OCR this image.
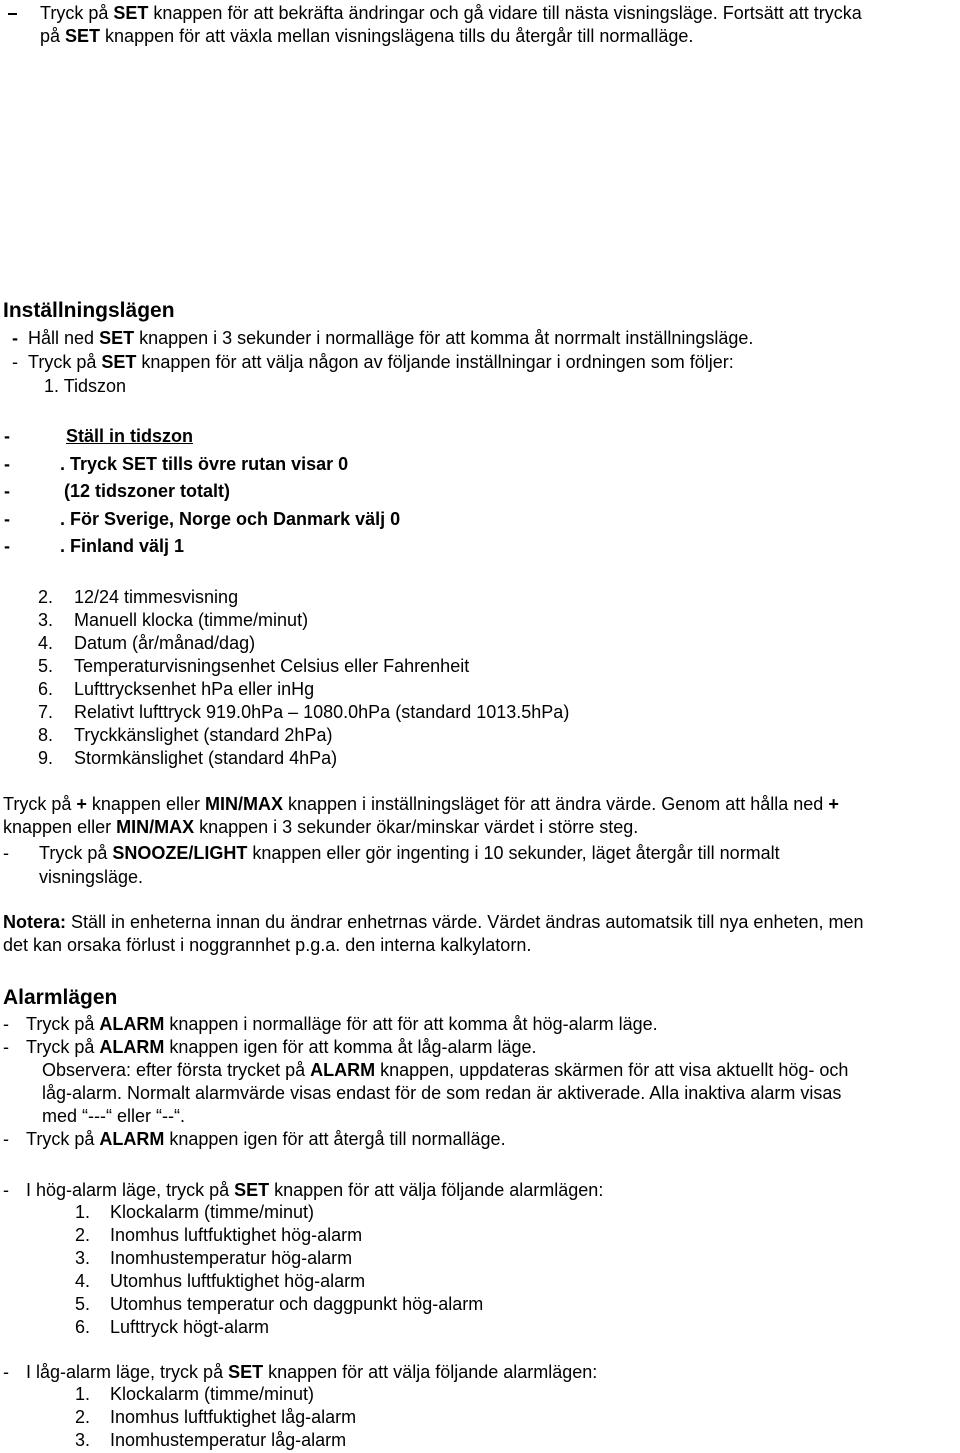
Tryck på SET knappen för att bekräfta ändringar och gå vidare till nästa visningsläge. Fortsätt att trycka
på SET knappen för att växla mellan visningslägena tills du återgår till normalläge.
Inställningslägen
- Håll ned SET knappen i 3 sekunder i normalläge för att komma åt norrmalt inställningsläge.
- Tryck på SET knappen för att välja någon av följande inställningar i ordningen som följer:
1. Tidszon
-	Ställ in tidszon
-	. Tryck SET tills övre rutan visar 0
-	(12 tidszoner totalt)
-	. För Sverige, Norge och Danmark välj 0
-	. Finland välj 1
2. 12/24 timmesvisning
3. Manuell klocka (timme/minut)
4. Datum (år/månad/dag)
5. Temperaturvisningsenhet Celsius eller Fahrenheit
6. Lufttrycksenhet hPa eller inHg
7. Relativt lufttryck 919.0hPa – 1080.0hPa (standard 1013.5hPa)
8. Tryckkänslighet (standard 2hPa)
9. Stormkänslighet (standard 4hPa)
Tryck på + knappen eller MIN/MAX knappen i inställningsläget för att ändra värde. Genom att hålla ned +
knappen eller MIN/MAX knappen i 3 sekunder ökar/minskar värdet i större steg.
- Tryck på SNOOZE/LIGHT knappen eller gör ingenting i 10 sekunder, läget återgår till normalt
visningsläge.
Notera: Ställ in enheterna innan du ändrar enhetrnas värde. Värdet ändras automatsik till nya enheten, men
det kan orsaka förlust i noggrannhet p.g.a. den interna kalkylatorn.
Alarmlägen
- Tryck på ALARM knappen i normalläge för att för att komma åt hög-alarm läge.
- Tryck på ALARM knappen igen för att komma åt låg-alarm läge.
Observera: efter första trycket på ALARM knappen, uppdateras skärmen för att visa aktuellt hög- och
låg-alarm. Normalt alarmvärde visas endast för de som redan är aktiverade. Alla inaktiva alarm visas
med “---“ eller “--“.
- Tryck på ALARM knappen igen för att återgå till normalläge.
- I hög-alarm läge, tryck på SET knappen för att välja följande alarmlägen:
1. Klockalarm (timme/minut)
2. Inomhus luftfuktighet hög-alarm
3. Inomhustemperatur hög-alarm
4. Utomhus luftfuktighet hög-alarm
5. Utomhus temperatur och daggpunkt hög-alarm
6. Lufttryck högt-alarm
- I låg-alarm läge, tryck på SET knappen för att välja följande alarmlägen:
1. Klockalarm (timme/minut)
2. Inomhus luftfuktighet låg-alarm
3. Inomhustemperatur låg-alarm
